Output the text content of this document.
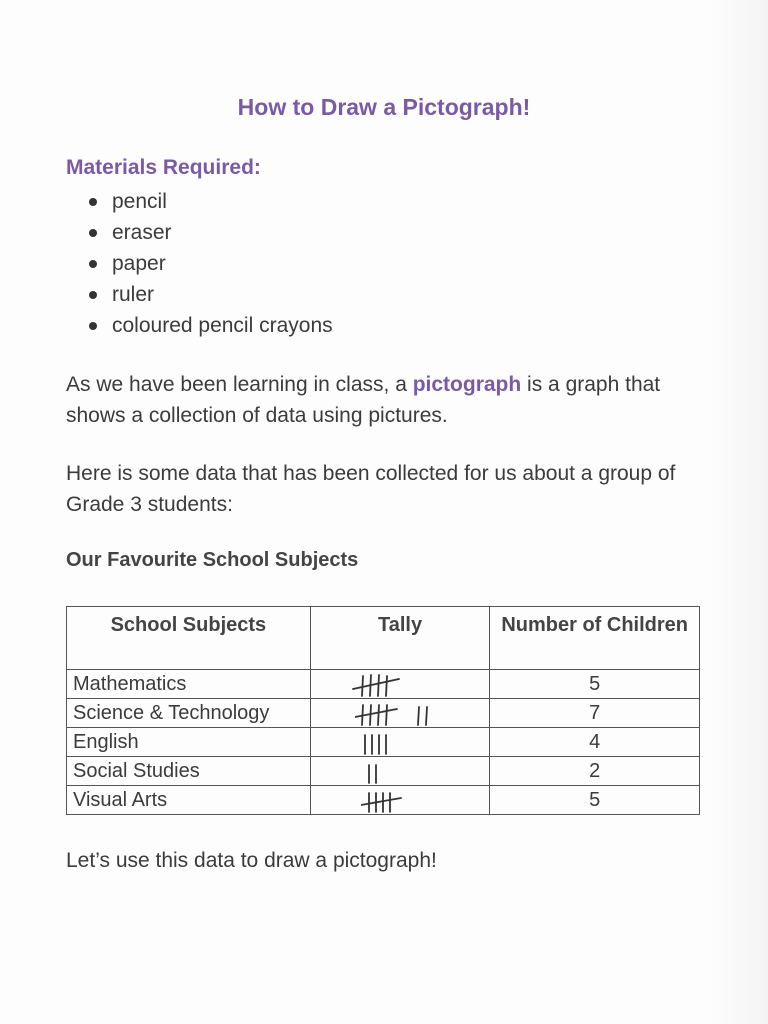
How to Draw a Pictograph!
Materials Required:
pencil
eraser
paper
ruler
coloured pencil crayons
As we have been learning in class, a pictograph is a graph that shows a collection of data using pictures.
Here is some data that has been collected for us about a group of Grade 3 students:
Our Favourite School Subjects
School Subjects	Tally	Number of Children
Mathematics		5
Science & Technology		7
English		4
Social Studies		2
Visual Arts		5
Let’s use this data to draw a pictograph!
